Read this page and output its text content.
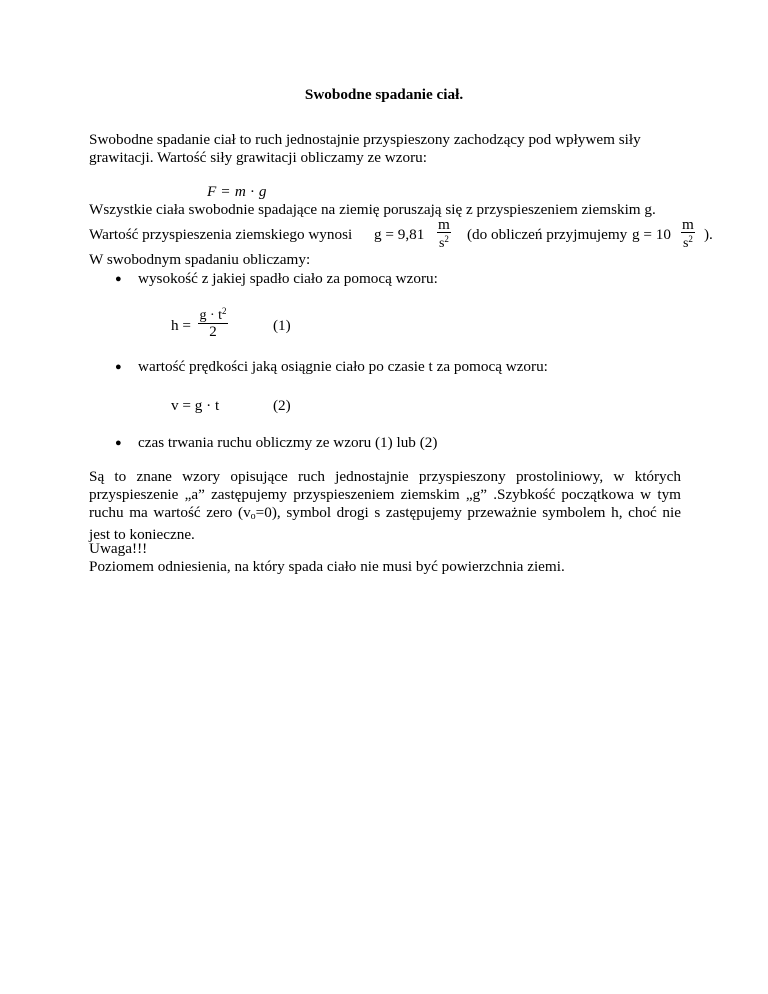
Swobodne spadanie ciał.
Swobodne spadanie ciał to ruch jednostajnie przyspieszony zachodzący pod wpływem siły grawitacji. Wartość siły grawitacji obliczamy ze wzoru:
F = m · g
Wszystkie ciała swobodnie spadające na ziemię poruszają się z przyspieszeniem ziemskim g.
Wartość przyspieszenia ziemskiego wynosi $g = 9,81 \frac{m}{s^2} (do$ obliczeń przyjmujemy $g = 10 \frac{m}{s^2}$ ).
W swobodnym spadaniu obliczamy:
● wysokość z jakiej spadło ciało za pomocą wzoru:
$h = \frac{g \cdot t^2}{2}$	(1)
● wartość prędkości jaką osiągnie ciało po czasie t za pomocą wzoru:
v = g · t	(2)
● czas trwania ruchu obliczmy ze wzoru (1) lub (2)
Są to znane wzory opisujące ruch jednostajnie przyspieszony prostoliniowy, w których przyspieszenie „a” zastępujemy przyspieszeniem ziemskim „g” .Szybkość początkowa w tym ruchu ma wartość zero $(v_o=0)$, symbol drogi s zastępujemy przeważnie symbolem h, choć nie jest to konieczne.
Uwaga!!!
Poziomem odniesienia, na który spada ciało nie musi być powierzchnia ziemi.
